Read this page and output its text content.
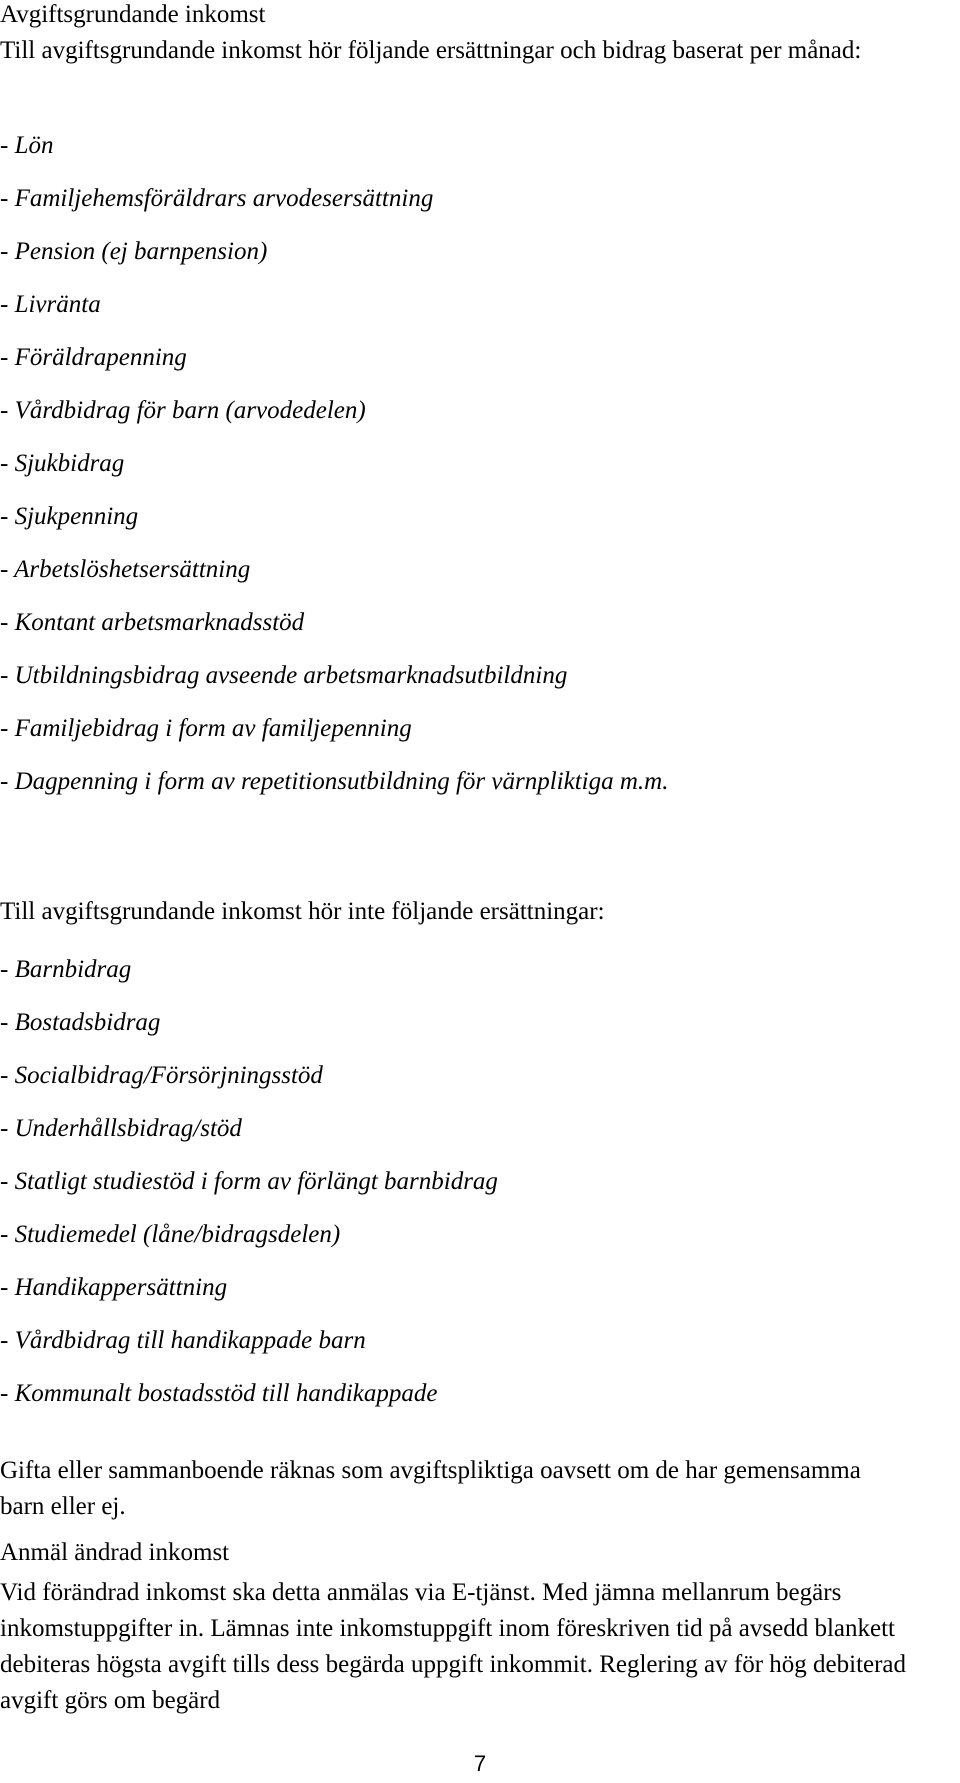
Avgiftsgrundande inkomst

Till avgiftsgrundande inkomst hör följande ersättningar och bidrag baserat per månad:

- Lön
- Familjehemsföräldrars arvodesersättning
- Pension (ej barnpension)
- Livränta
- Föräldrapenning
- Vårdbidrag för barn (arvodedelen)
- Sjukbidrag
- Sjukpenning
- Arbetslöshetsersättning
- Kontant arbetsmarknadsstöd
- Utbildningsbidrag avseende arbetsmarknadsutbildning
- Familjebidrag i form av familjepenning
- Dagpenning i form av repetitionsutbildning för värnpliktiga m.m.

Till avgiftsgrundande inkomst hör inte följande ersättningar:

- Barnbidrag
- Bostadsbidrag
- Socialbidrag/Försörjningsstöd
- Underhållsbidrag/stöd
- Statligt studiestöd i form av förlängt barnbidrag
- Studiemedel (låne/bidragsdelen)
- Handikappersättning
- Vårdbidrag till handikappade barn
- Kommunalt bostadsstöd till handikappade

Gifta eller sammanboende räknas som avgiftspliktiga oavsett om de har gemensamma barn eller ej.

Anmäl ändrad inkomst

Vid förändrad inkomst ska detta anmälas via E-tjänst. Med jämna mellanrum begärs inkomstuppgifter in. Lämnas inte inkomstuppgift inom föreskriven tid på avsedd blankett debiteras högsta avgift tills dess begärda uppgift inkommit. Reglering av för hög debiterad avgift görs om begärd

7
